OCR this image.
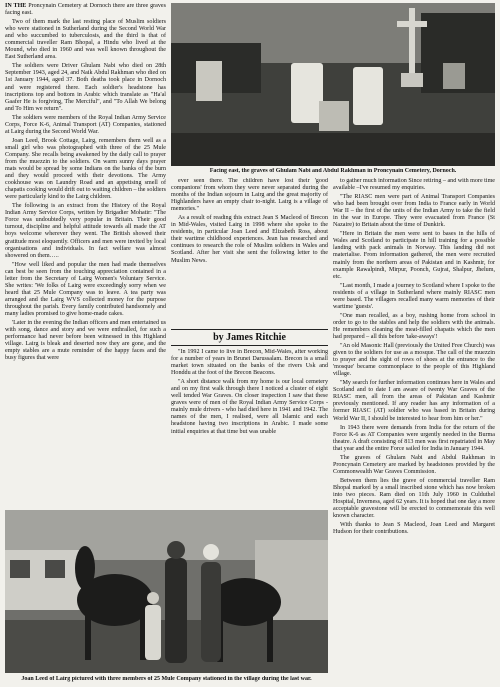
IN THE Proncynain Cemetery at Dornoch there are three graves facing east.

Two of them mark the last resting place of Muslim soldiers who were stationed in Sutherland during the Second World War and who succumbed to tuberculosis, and the third is that of commercial traveller Ram Bhopal, a Hindu who lived at the Mound, who died in 1960 and was well known throughout the East Sutherland area.

The soldiers were Driver Ghulam Nabi who died on 28th September 1943, aged 24, and Naik Abdul Rakhman who died on 1st January 1944, aged 37. Both deaths took place in Dornoch and were registered there. Each soldier's headstone has inscriptions top and bottom in Arabic which translate as "Ha'al Gaafer He is forgiving, The Merciful", and "To Allah We belong and To Him we return".

The soldiers were members of the Royal Indian Army Service Corps, Force K-6, Animal Transport (AT) Companies, stationed at Lairg during the Second World War.

Joan Leed, Brook Cottage, Lairg, remembers them well as a small girl who was photographed with three of the 25 Mule Company. She recalls being awakened by the daily call to prayer from the muezzin to the soldiers. On warm sunny days prayer mats would be spread by some Indians on the banks of the burn and they would proceed with their devotions. The Army cookhouse was on Laundry Road and an appetising smell of chapatis cooking would drift out to waiting children – the soldiers were particularly kind to the Lairg children.

The following is an extract from the History of the Royal Indian Army Service Corps, written by Brigadier Mohatir: "The Force was undoubtedly very popular in Britain. Their good turnout, discipline and helpful attitude towards all made the AT boys welcome wherever they went. The British showed their gratitude most eloquently. Officers and men were invited by local organisations and individuals. In fact welfare was almost showered on them…..

"How well liked and popular the men had made themselves can best be seen from the touching appreciation contained in a letter from the Secretary of Lairg Women's Voluntary Service. She writes: 'We folks of Lairg were exceedingly sorry when we heard that 25 Mule Company was to leave. A tea party was arranged and the Lairg WVS collected money for the purpose throughout the parish. Every family contributed handsomely and many ladies promised to give home-made cakes.

'Later in the evening the Indian officers and men entertained us with song, dance and story and we were enthralled, for such a performance had never before been witnessed in this Highland village. Lairg is bleak and deserted now they are gone, and the empty stables are a mute reminder of the happy faces and the busy figures that were

Facing east, the graves of Ghulam Nabi and Abdul Rakhman in Proncynain Cemetery, Dornoch.

ever seen there. The children have lost their 'good companions' from whom they were never separated during the months of the Indian sojourn in Lairg and the great majority of Highlanders have an empty chair to-night. Lairg is a village of memories."

As a result of reading this extract Jean S Macleod of Brecon in Mid-Wales, visited Lairg in 1998 where she spoke to the residents, in particular Joan Leed and Elizabeth Ross, about their wartime childhood experiences. Jean has researched and continues to research the role of Muslim soldiers in Wales and Scotland. After her visit she sent the following letter to the Muslim News.

by James Ritchie

"In 1992 I came to live in Brecon, Mid-Wales, after working for a number of years in Brunei Darussalam. Brecon is a small market town situated on the banks of the rivers Usk and Honddu at the foot of the Brecon Beacons.

"A short distance walk from my home is our local cemetery and on my first walk through there I noticed a cluster of eight well tended War Graves. On closer inspection I saw that these graves were of men of the Royal Indian Army Service Corps - mainly mule drivers - who had died here in 1941 and 1942. The names of the men, I realised, were all Islamic and each headstone having two inscriptions in Arabic. I made some initial enquiries at that time but was unable

to gather much information Since retiring – and with more time available –I've resumed my enquiries.

"The RIASC men were part of Animal Transport Companies who had been brought over from India to France early in World War II – the first of the units of the Indian Army to take the field in the war in Europe. They were evacuated from France (St Nazaire) to Britain about the time of Dunkirk.

"Here in Britain the men were sent to bases in the hills of Wales and Scotland to participate in hill training for a possible landing with pack animals in Norway. This landing did not materialise. From information gathered, the men were recruited mainly from the northern areas of Pakistan and in Kashmir, for example Rawalpindi, Mirpur, Poonch, Gujrat, Shalpur, Jhelum, etc.

"Last month, I made a journey to Scotland where I spoke to the residents of a village in Sutherland where mainly RIASC men were based. The villagers recalled many warm memories of their wartime 'guests'.

"One man recalled, as a boy, rushing home from school in order to go to the stables and help the soldiers with the animals. He remembers cleaning the meat-filled chapatis which the men had prepared – all this before 'take-aways'!

"An old Masonic Hall (previously the United Free Church) was given to the soldiers for use as a mosque. The call of the muezzin to prayer and the sight of rows of shoes at the entrance to the 'mosque' became commonplace to the people of this Highland village.

"My search for further information continues here in Wales and Scotland and to date I am aware of twenty War Graves of the RIASC men, all from the areas of Pakistan and Kashmir previously mentioned. If any reader has any information of a former RIASC (AT) soldier who was based in Britain during World War II, I should be interested to hear from him or her."

In 1943 there were demands from India for the return of the Force K-6 as AT Companies were urgently needed in the Burma theatre. A draft consisting of 813 men was first repatriated in May that year and the entire Force sailed for India in January 1944.

The graves of Ghulam Nabi and Abdul Rakhman in Proncynain Cemetery are marked by headstones provided by the Commonwealth War Graves Commission.

Between them lies the grave of commercial traveller Ram Bhopal marked by a small inscribed stone which has now broken into two pieces. Ram died on 11th July 1960 in Culduthel Hospital, Inverness, aged 62 years. It is hoped that one day a more acceptable gravestone will be erected to commemorate this well known character.

With thanks to Jean S Macleod, Joan Leed and Margaret Hudson for their contributions.

Joan Leed of Lairg pictured with three members of 25 Mule Company stationed in the village during the last war.
